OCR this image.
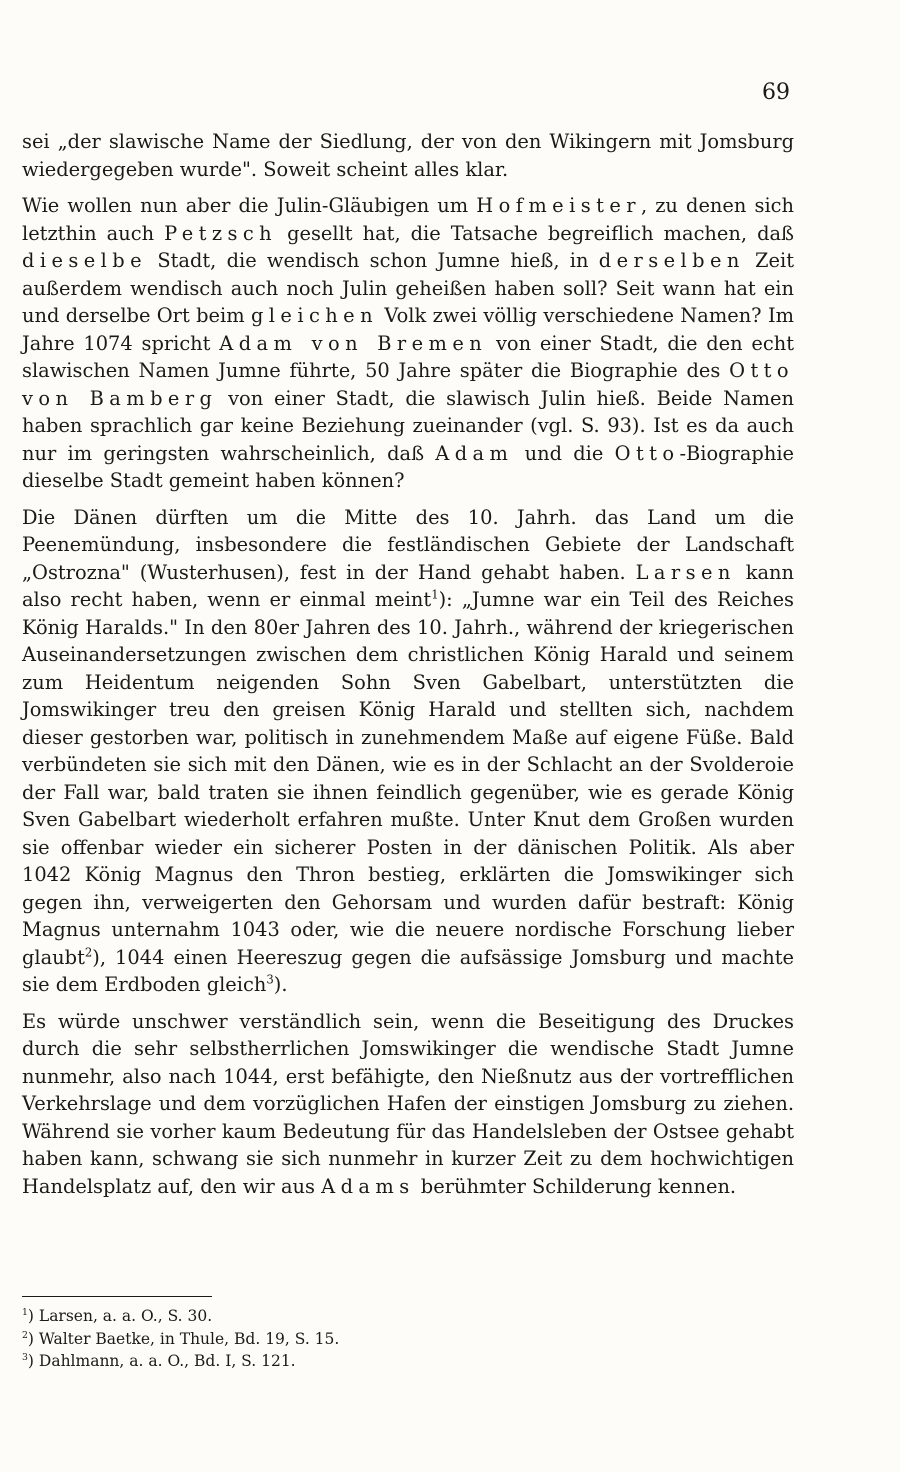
69

sei „der slawische Name der Siedlung, der von den Wikingern mit Jomsburg wiedergegeben wurde". Soweit scheint alles klar.

Wie wollen nun aber die Julin-Gläubigen um Hofmeister, zu denen sich letzthin auch Petzsch gesellt hat, die Tatsache begreiflich machen, daß dieselbe Stadt, die wendisch schon Jumne hieß, in derselben Zeit außerdem wendisch auch noch Julin geheißen haben soll? Seit wann hat ein und derselbe Ort beim gleichen Volk zwei völlig verschiedene Namen? Im Jahre 1074 spricht Adam von Bremen von einer Stadt, die den echt slawischen Namen Jumne führte, 50 Jahre später die Biographie des Otto von Bamberg von einer Stadt, die slawisch Julin hieß. Beide Namen haben sprachlich gar keine Beziehung zueinander (vgl. S. 93). Ist es da auch nur im geringsten wahrscheinlich, daß Adam und die Otto-Biographie dieselbe Stadt gemeint haben können?

Die Dänen dürften um die Mitte des 10. Jahrh. das Land um die Peenemündung, insbesondere die festländischen Gebiete der Landschaft „Ostrozna" (Wusterhusen), fest in der Hand gehabt haben. Larsen kann also recht haben, wenn er einmal meint$^1$): „Jumne war ein Teil des Reiches König Haralds." In den 80er Jahren des 10. Jahrh., während der kriegerischen Auseinandersetzungen zwischen dem christlichen König Harald und seinem zum Heidentum neigenden Sohn Sven Gabelbart, unterstützten die Jomswikinger treu den greisen König Harald und stellten sich, nachdem dieser gestorben war, politisch in zunehmendem Maße auf eigene Füße. Bald verbündeten sie sich mit den Dänen, wie es in der Schlacht an der Svolderoie der Fall war, bald traten sie ihnen feindlich gegenüber, wie es gerade König Sven Gabelbart wiederholt erfahren mußte. Unter Knut dem Großen wurden sie offenbar wieder ein sicherer Posten in der dänischen Politik. Als aber 1042 König Magnus den Thron bestieg, erklärten die Jomswikinger sich gegen ihn, verweigerten den Gehorsam und wurden dafür bestraft: König Magnus unternahm 1043 oder, wie die neuere nordische Forschung lieber glaubt$^2$), 1044 einen Heereszug gegen die aufsässige Jomsburg und machte sie dem Erdboden gleich$^3$).

Es würde unschwer verständlich sein, wenn die Beseitigung des Druckes durch die sehr selbstherrlichen Jomswikinger die wendische Stadt Jumne nunmehr, also nach 1044, erst befähigte, den Nießnutz aus der vortrefflichen Verkehrslage und dem vorzüglichen Hafen der einstigen Jomsburg zu ziehen. Während sie vorher kaum Bedeutung für das Handelsleben der Ostsee gehabt haben kann, schwang sie sich nunmehr in kurzer Zeit zu dem hochwichtigen Handelsplatz auf, den wir aus Adams berühmter Schilderung kennen.

$^1$) Larsen, a. a. O., S. 30.
$^2$) Walter Baetke, in Thule, Bd. 19, S. 15.
$^3$) Dahlmann, a. a. O., Bd. I, S. 121.
